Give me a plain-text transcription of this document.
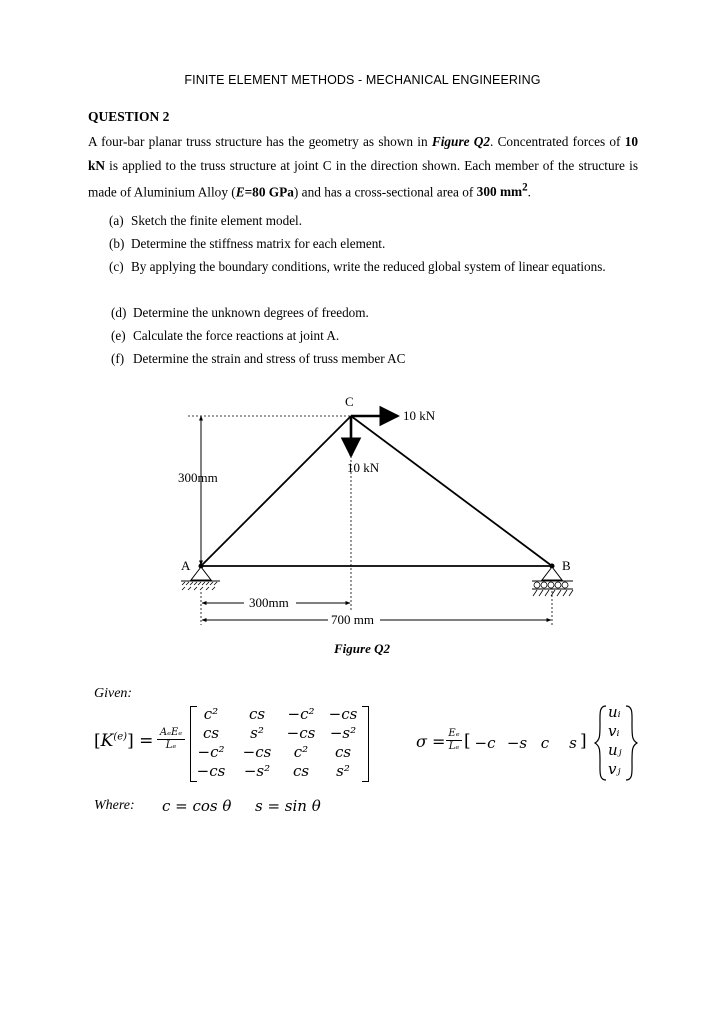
FINITE ELEMENT METHODS - MECHANICAL ENGINEERING
QUESTION 2
A four-bar planar truss structure has the geometry as shown in Figure Q2. Concentrated forces of 10 kN is applied to the truss structure at joint C in the direction shown. Each member of the structure is made of Aluminium Alloy (E=80 GPa) and has a cross-sectional area of 300 $mm^2$.
(a) Sketch the finite element model.
(b) Determine the stiffness matrix for each element.
(c) By applying the boundary conditions, write the reduced global system of linear equations.
(d) Determine the unknown degrees of freedom.
(e) Calculate the force reactions at joint A.
(f) Determine the strain and stress of truss member AC
C
A	B
10 kN
10 kN
300mm
300mm
700 mm
Figure Q2
Given:
$[K^{(e)}] = A_eE_e$
Lₑ
c²	cs	−c² −cs
cs	s²	−cs −s²
−c²	−cs	c²	cs
−cs	−s²	cs	s²
$\sigma = \frac{\text{Eₑ}}{\text{Lₑ}}$ [ −c −s c s ]
uᵢ
vᵢ
uⱼ
vⱼ
Where: c = cos θ s = sin θ
